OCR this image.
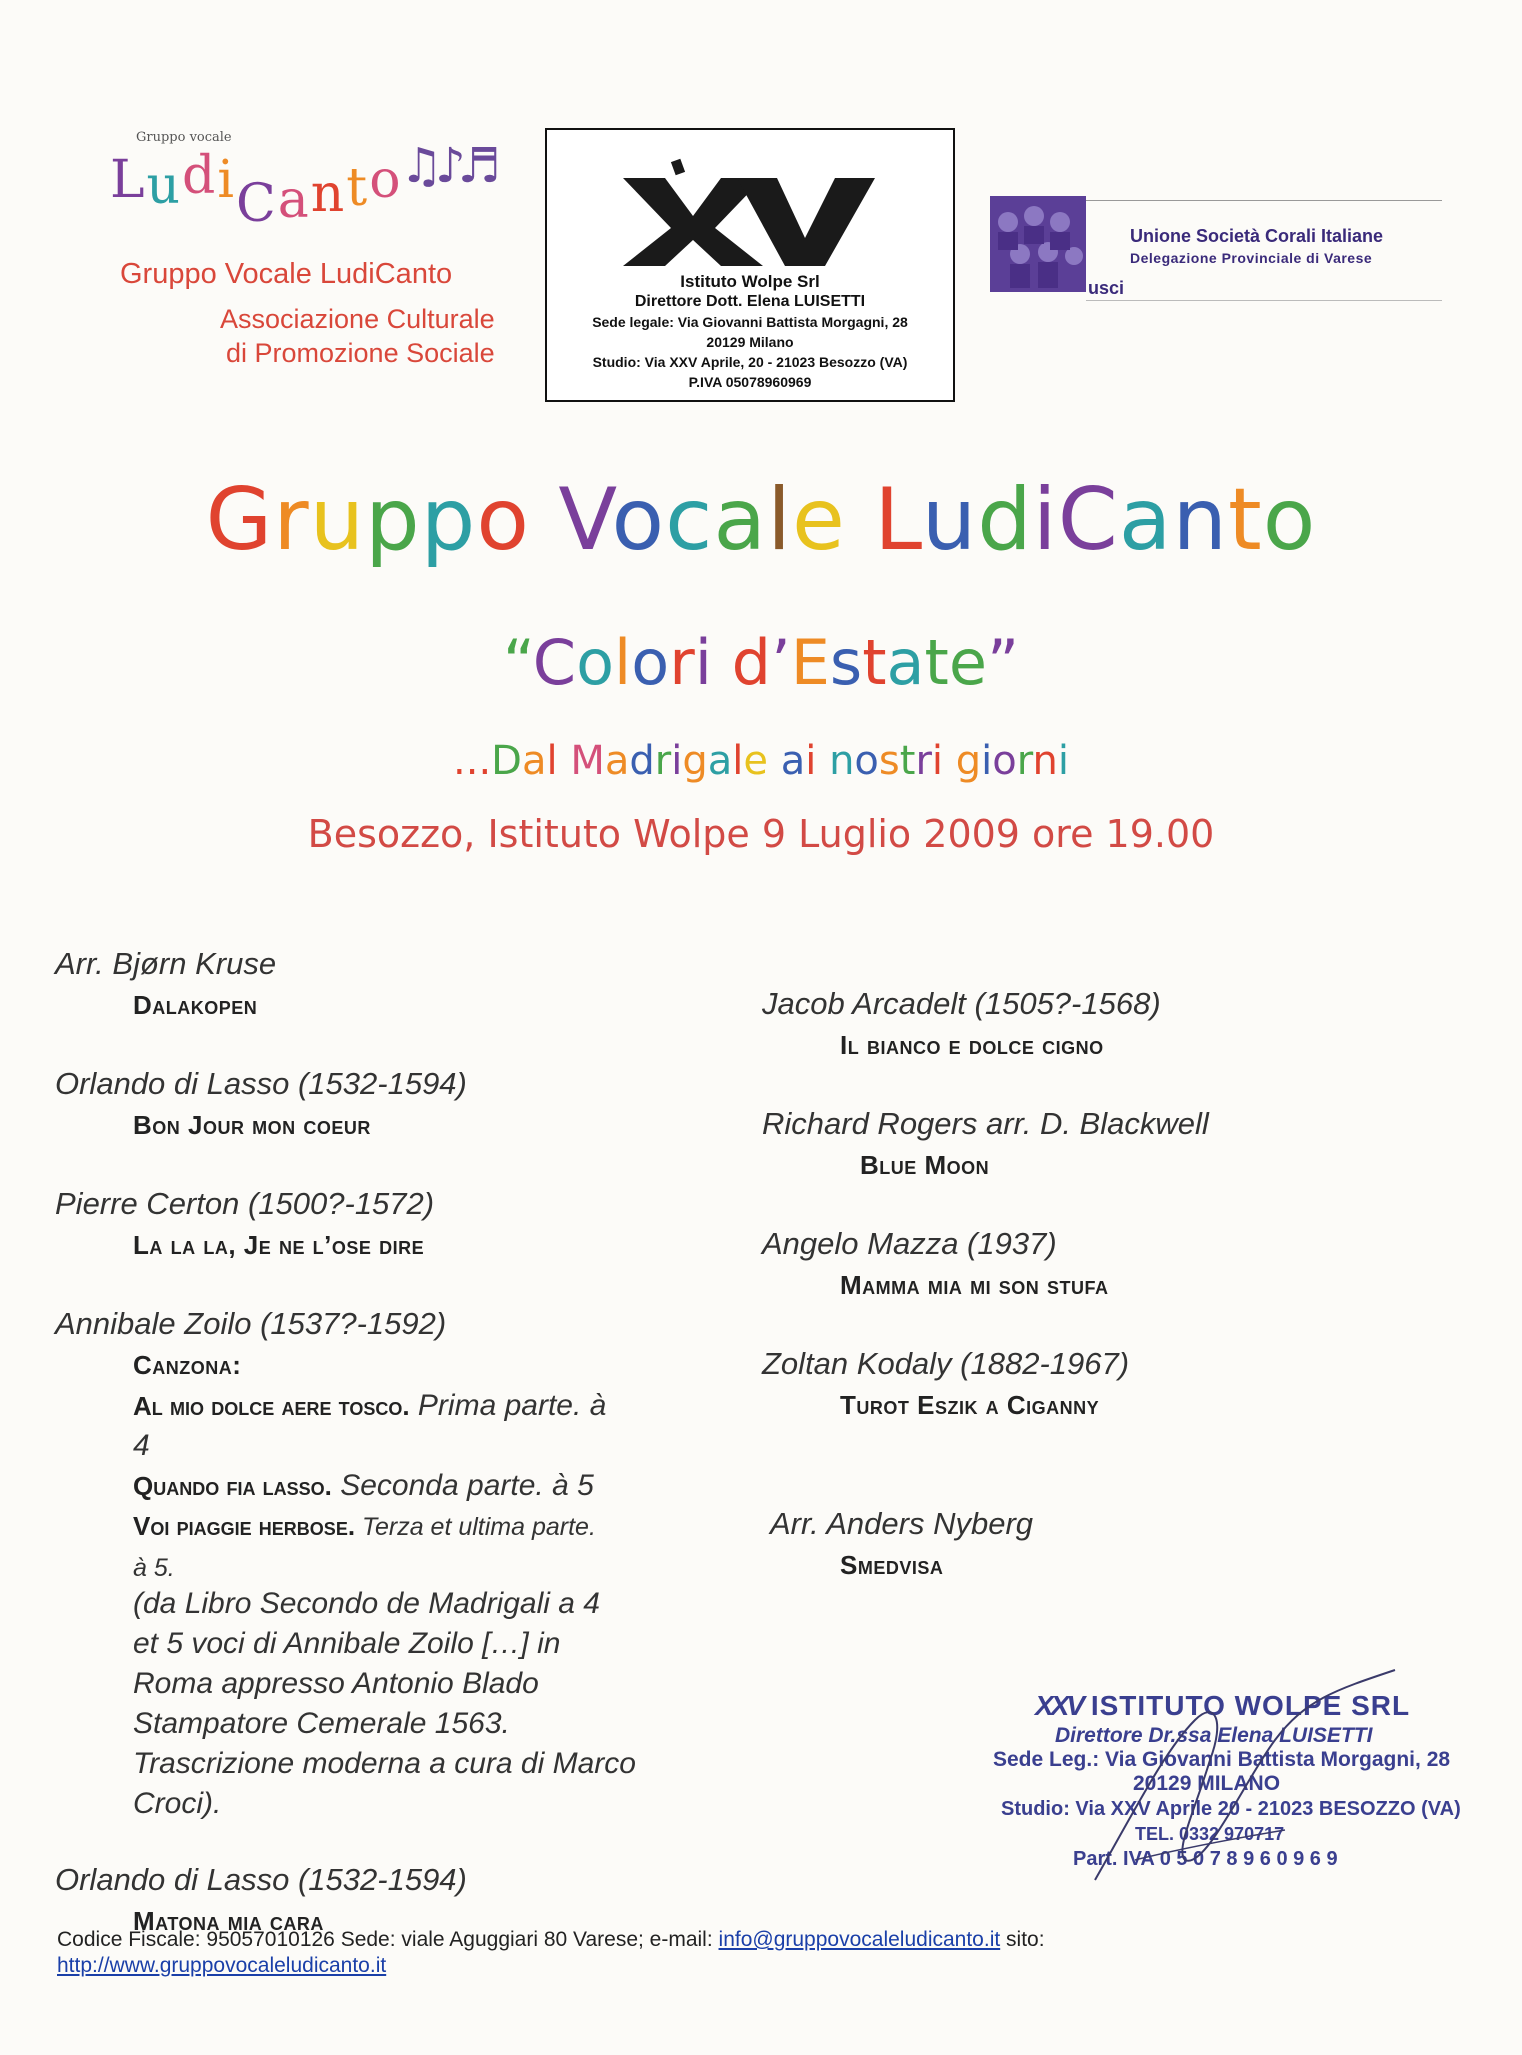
Gruppo vocale
LudiCanto
♫♪♬
Gruppo Vocale LudiCanto
Associazione Culturale
di Promozione Sociale
Istituto Wolpe Srl
Direttore Dott. Elena LUISETTI
Sede legale: Via Giovanni Battista Morgagni, 28
20129 Milano
Studio: Via XXV Aprile, 20 - 21023 Besozzo (VA)
P.IVA 05078960969
Unione Società Corali Italiane
Delegazione Provinciale di Varese
usci
Gruppo Vocale LudiCanto
“Colori d’Estate”
...Dal Madrigale ai nostri giorni
Besozzo, Istituto Wolpe 9 Luglio 2009 ore 19.00
Arr. Bjørn Kruse
Dalakopen
Orlando di Lasso (1532-1594)
Bon Jour mon coeur
Pierre Certon (1500?-1572)
La la la, Je ne l’ose dire
Annibale Zoilo (1537?-1592)
Canzona:
Al mio dolce aere tosco. Prima parte. à
4
Quando fia lasso. Seconda parte. à 5
Voi piaggie herbose. Terza et ultima parte.
à 5.
(da Libro Secondo de Madrigali a 4
et 5 voci di Annibale Zoilo […] in
Roma appresso Antonio Blado
Stampatore Cemerale 1563.
Trascrizione moderna a cura di Marco
Croci).
Orlando di Lasso (1532-1594)
Matona mia cara
Jacob Arcadelt (1505?-1568)
Il bianco e dolce cigno
Richard Rogers arr. D. Blackwell
Blue Moon
Angelo Mazza (1937)
Mamma mia mi son stufa
Zoltan Kodaly (1882-1967)
Turot Eszik a Ciganny
Arr. Anders Nyberg
Smedvisa
XXV ISTITUTO WOLPE SRL
Direttore Dr.ssa Elena LUISETTI
Sede Leg.: Via Giovanni Battista Morgagni, 28
20129 MILANO
Studio: Via XXV Aprile 20 - 21023 BESOZZO (VA)
TEL. 0332 970717
Part. IVA 0 5 0 7 8 9 6 0 9 6 9
Codice Fiscale: 95057010126 Sede: viale Aguggiari 80 Varese; e-mail: info@gruppovocaleludicanto.it sito:
http://www.gruppovocaleludicanto.it
